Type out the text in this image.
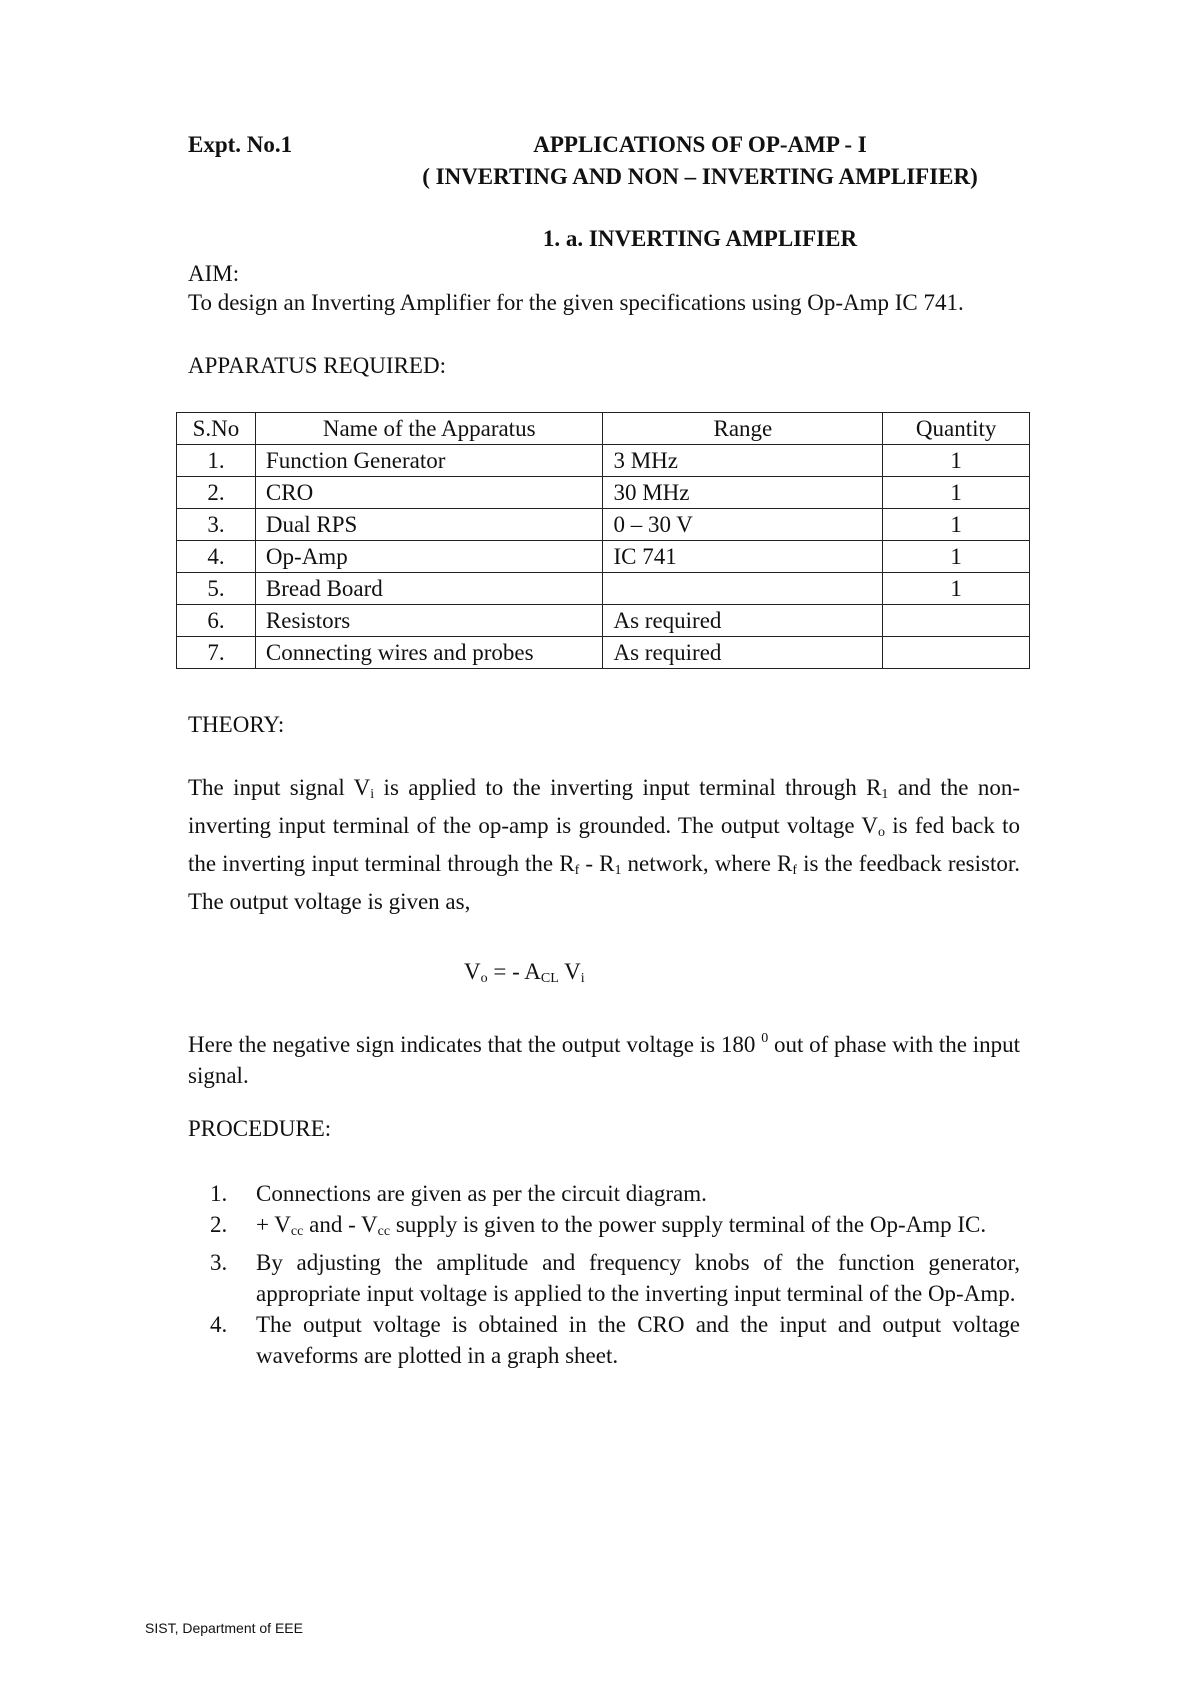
Expt. No.1	APPLICATIONS OF OP-AMP - I
( INVERTING AND NON – INVERTING AMPLIFIER)
1. a. INVERTING AMPLIFIER
AIM:
To design an Inverting Amplifier for the given specifications using Op-Amp IC 741.
APPARATUS REQUIRED:
S.No	Name of the Apparatus	Range	Quantity
1.	Function Generator	3 MHz	1
2.	CRO	30 MHz	1
3.	Dual RPS	0 – 30 V	1
4.	Op-Amp	IC 741	1
5.	Bread Board		1
6.	Resistors	As required	
7.	Connecting wires and probes	As required	
THEORY:
The input signal $V_i$ is applied to the inverting input terminal through $R_1$ and the non-inverting input terminal of the op-amp is grounded. The output voltage $V_o$ is fed back to the inverting input terminal through the $R_f - R_1$ network, where $R_f$ is the feedback resistor. The output voltage is given as,
$V_o$ = - $A_{CL}$ $V_i$
Here the negative sign indicates that the output voltage is 180 $^0$ out of phase with the input signal.
PROCEDURE:
1. Connections are given as per the circuit diagram.
2. + $V_{cc}$ and - $V_{cc}$ supply is given to the power supply terminal of the Op-Amp IC.
3. By adjusting the amplitude and frequency knobs of the function generator, appropriate input voltage is applied to the inverting input terminal of the Op-Amp.
4. The output voltage is obtained in the CRO and the input and output voltage waveforms are plotted in a graph sheet.
SIST, Department of EEE
